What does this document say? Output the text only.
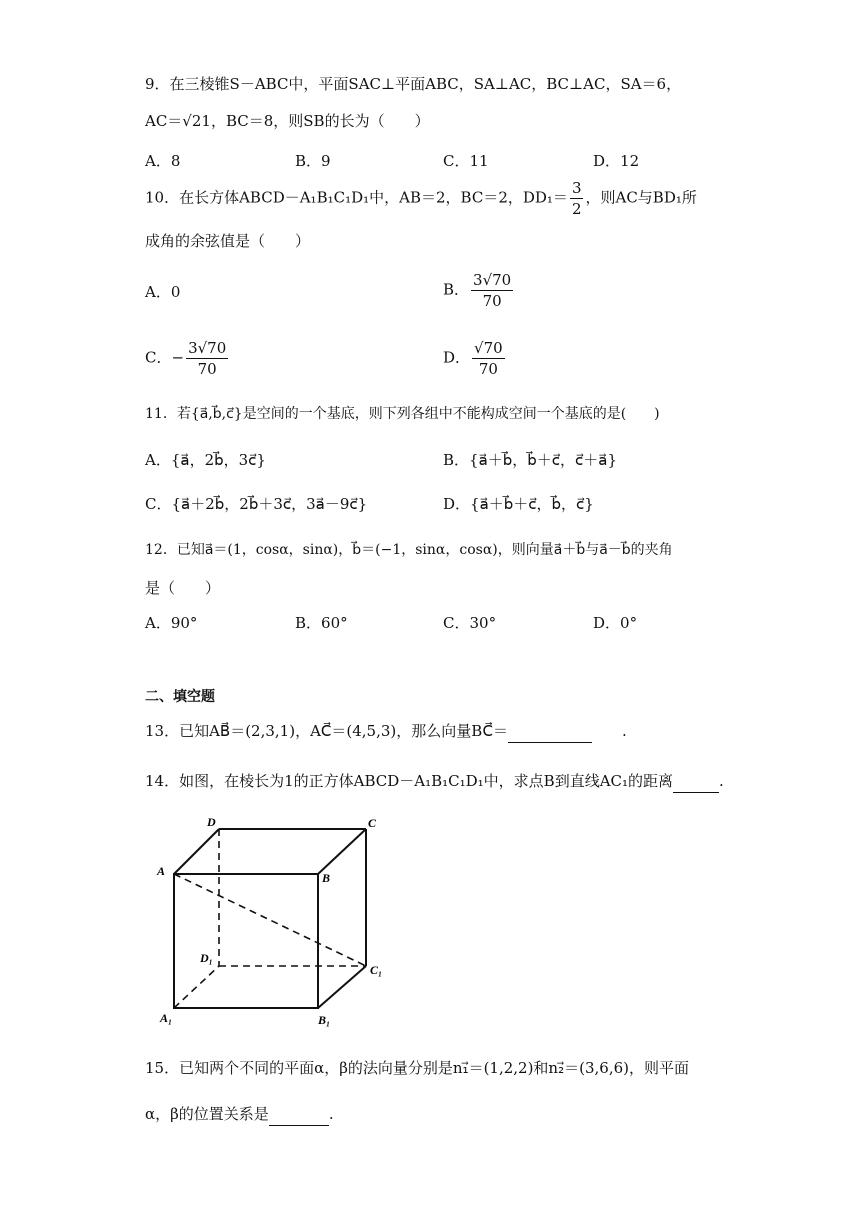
9．在三棱锥S－ABC中，平面SAC⊥平面ABC，SA⊥AC，BC⊥AC，SA＝6，
AC＝√21，BC＝8，则SB的长为（　　）
A．8	B．9	C．11	D．12
10．在长方体ABCD－A₁B₁C₁D₁中，AB＝2，BC＝2，$DD_1= \frac{3}{2}$ ，则AC与BD₁所
成角的余弦值是（　　）
A．0	B． $\frac{3√70}{70}$
C．− $\frac{3√70}{70}$	D． $\frac{√70}{70}$
11．若{a⃗,b⃗,c⃗}是空间的一个基底，则下列各组中不能构成空间一个基底的是(　　)
A．{a⃗，2b⃗，3c⃗}	B．{a⃗＋b⃗，b⃗＋c⃗，c⃗＋a⃗}
C．{a⃗＋2b⃗，2b⃗＋3c⃗，3a⃗－9c⃗}	D．{a⃗＋b⃗＋c⃗，b⃗，c⃗}
12．已知a⃗＝(1，cosα，sinα)，b⃗＝(−1，sinα，cosα)，则向量a⃗＋b⃗与a⃗－b⃗的夹角
是（　　）
A．90°	B．60°	C．30°	D．0°
二、填空题
13．已知AB⃗＝(2,3,1)，AC⃗＝(4,5,3)，那么向量BC⃗＝	.
14．如图，在棱长为1的正方体ABCD－A₁B₁C₁D₁中，求点B到直线AC₁的距离	.
D	C
A	B
D₁
C₁
A₁	B₁
15．已知两个不同的平面α，β的法向量分别是n₁⃗＝(1,2,2)和n₂⃗＝(3,6,6)，则平面
α，β的位置关系是	.
